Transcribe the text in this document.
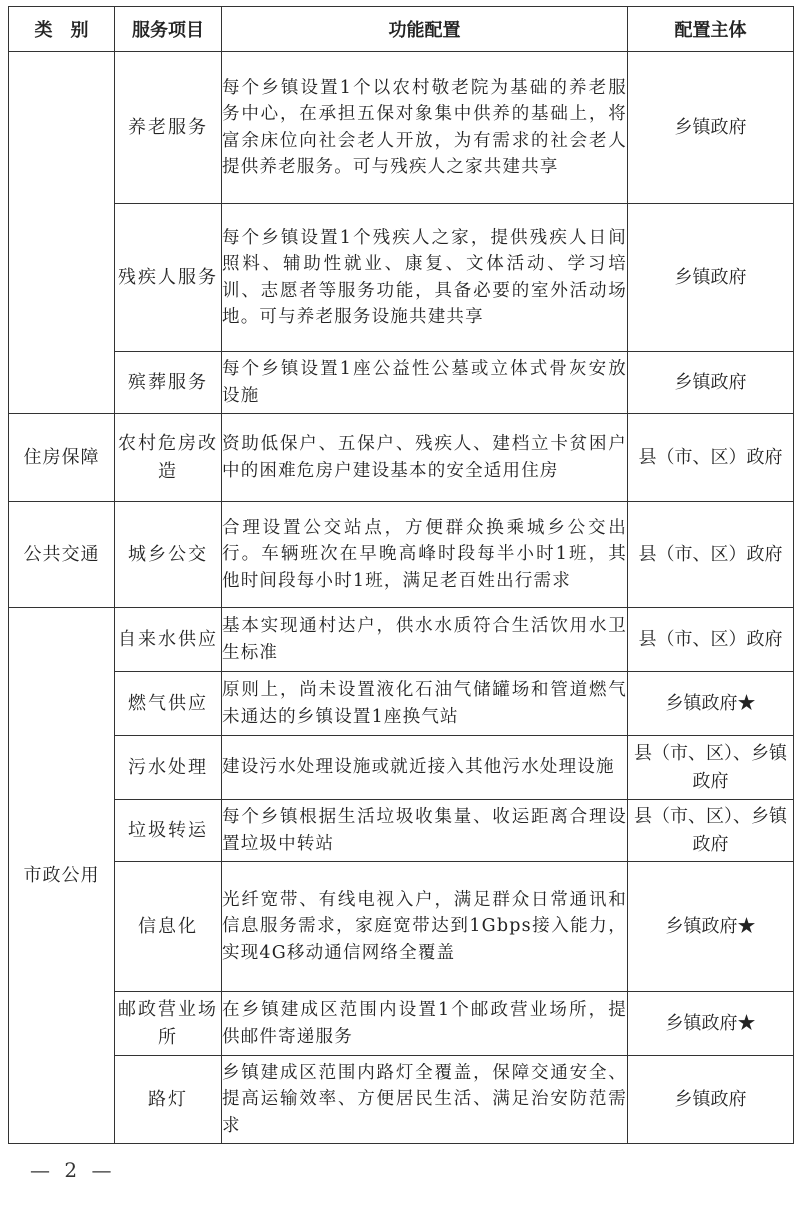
类　别	服务项目	功能配置	配置主体
	养老服务	每个乡镇设置1个以农村敬老院为基础的养老服务中心，在承担五保对象集中供养的基础上，将富余床位向社会老人开放，为有需求的社会老人提供养老服务。可与残疾人之家共建共享	乡镇政府
	残疾人服务	每个乡镇设置1个残疾人之家，提供残疾人日间照料、辅助性就业、康复、文体活动、学习培训、志愿者等服务功能，具备必要的室外活动场地。可与养老服务设施共建共享	乡镇政府
	殡葬服务	每个乡镇设置1座公益性公墓或立体式骨灰安放设施	乡镇政府
住房保障	农村危房改造	资助低保户、五保户、残疾人、建档立卡贫困户中的困难危房户建设基本的安全适用住房	县（市、区）政府
公共交通	城乡公交	合理设置公交站点，方便群众换乘城乡公交出行。车辆班次在早晚高峰时段每半小时1班，其他时间段每小时1班，满足老百姓出行需求	县（市、区）政府
市政公用	自来水供应	基本实现通村达户，供水水质符合生活饮用水卫生标准	县（市、区）政府
	燃气供应	原则上，尚未设置液化石油气储罐场和管道燃气未通达的乡镇设置1座换气站	乡镇政府★
	污水处理	建设污水处理设施或就近接入其他污水处理设施	县（市、区）、乡镇政府
	垃圾转运	每个乡镇根据生活垃圾收集量、收运距离合理设置垃圾中转站	县（市、区）、乡镇政府
	信息化	光纤宽带、有线电视入户，满足群众日常通讯和信息服务需求，家庭宽带达到1Gbps接入能力，实现4G移动通信网络全覆盖	乡镇政府★
	邮政营业场所	在乡镇建成区范围内设置1个邮政营业场所，提供邮件寄递服务	乡镇政府★
	路灯	乡镇建成区范围内路灯全覆盖，保障交通安全、提高运输效率、方便居民生活、满足治安防范需求	乡镇政府
— 2 —
